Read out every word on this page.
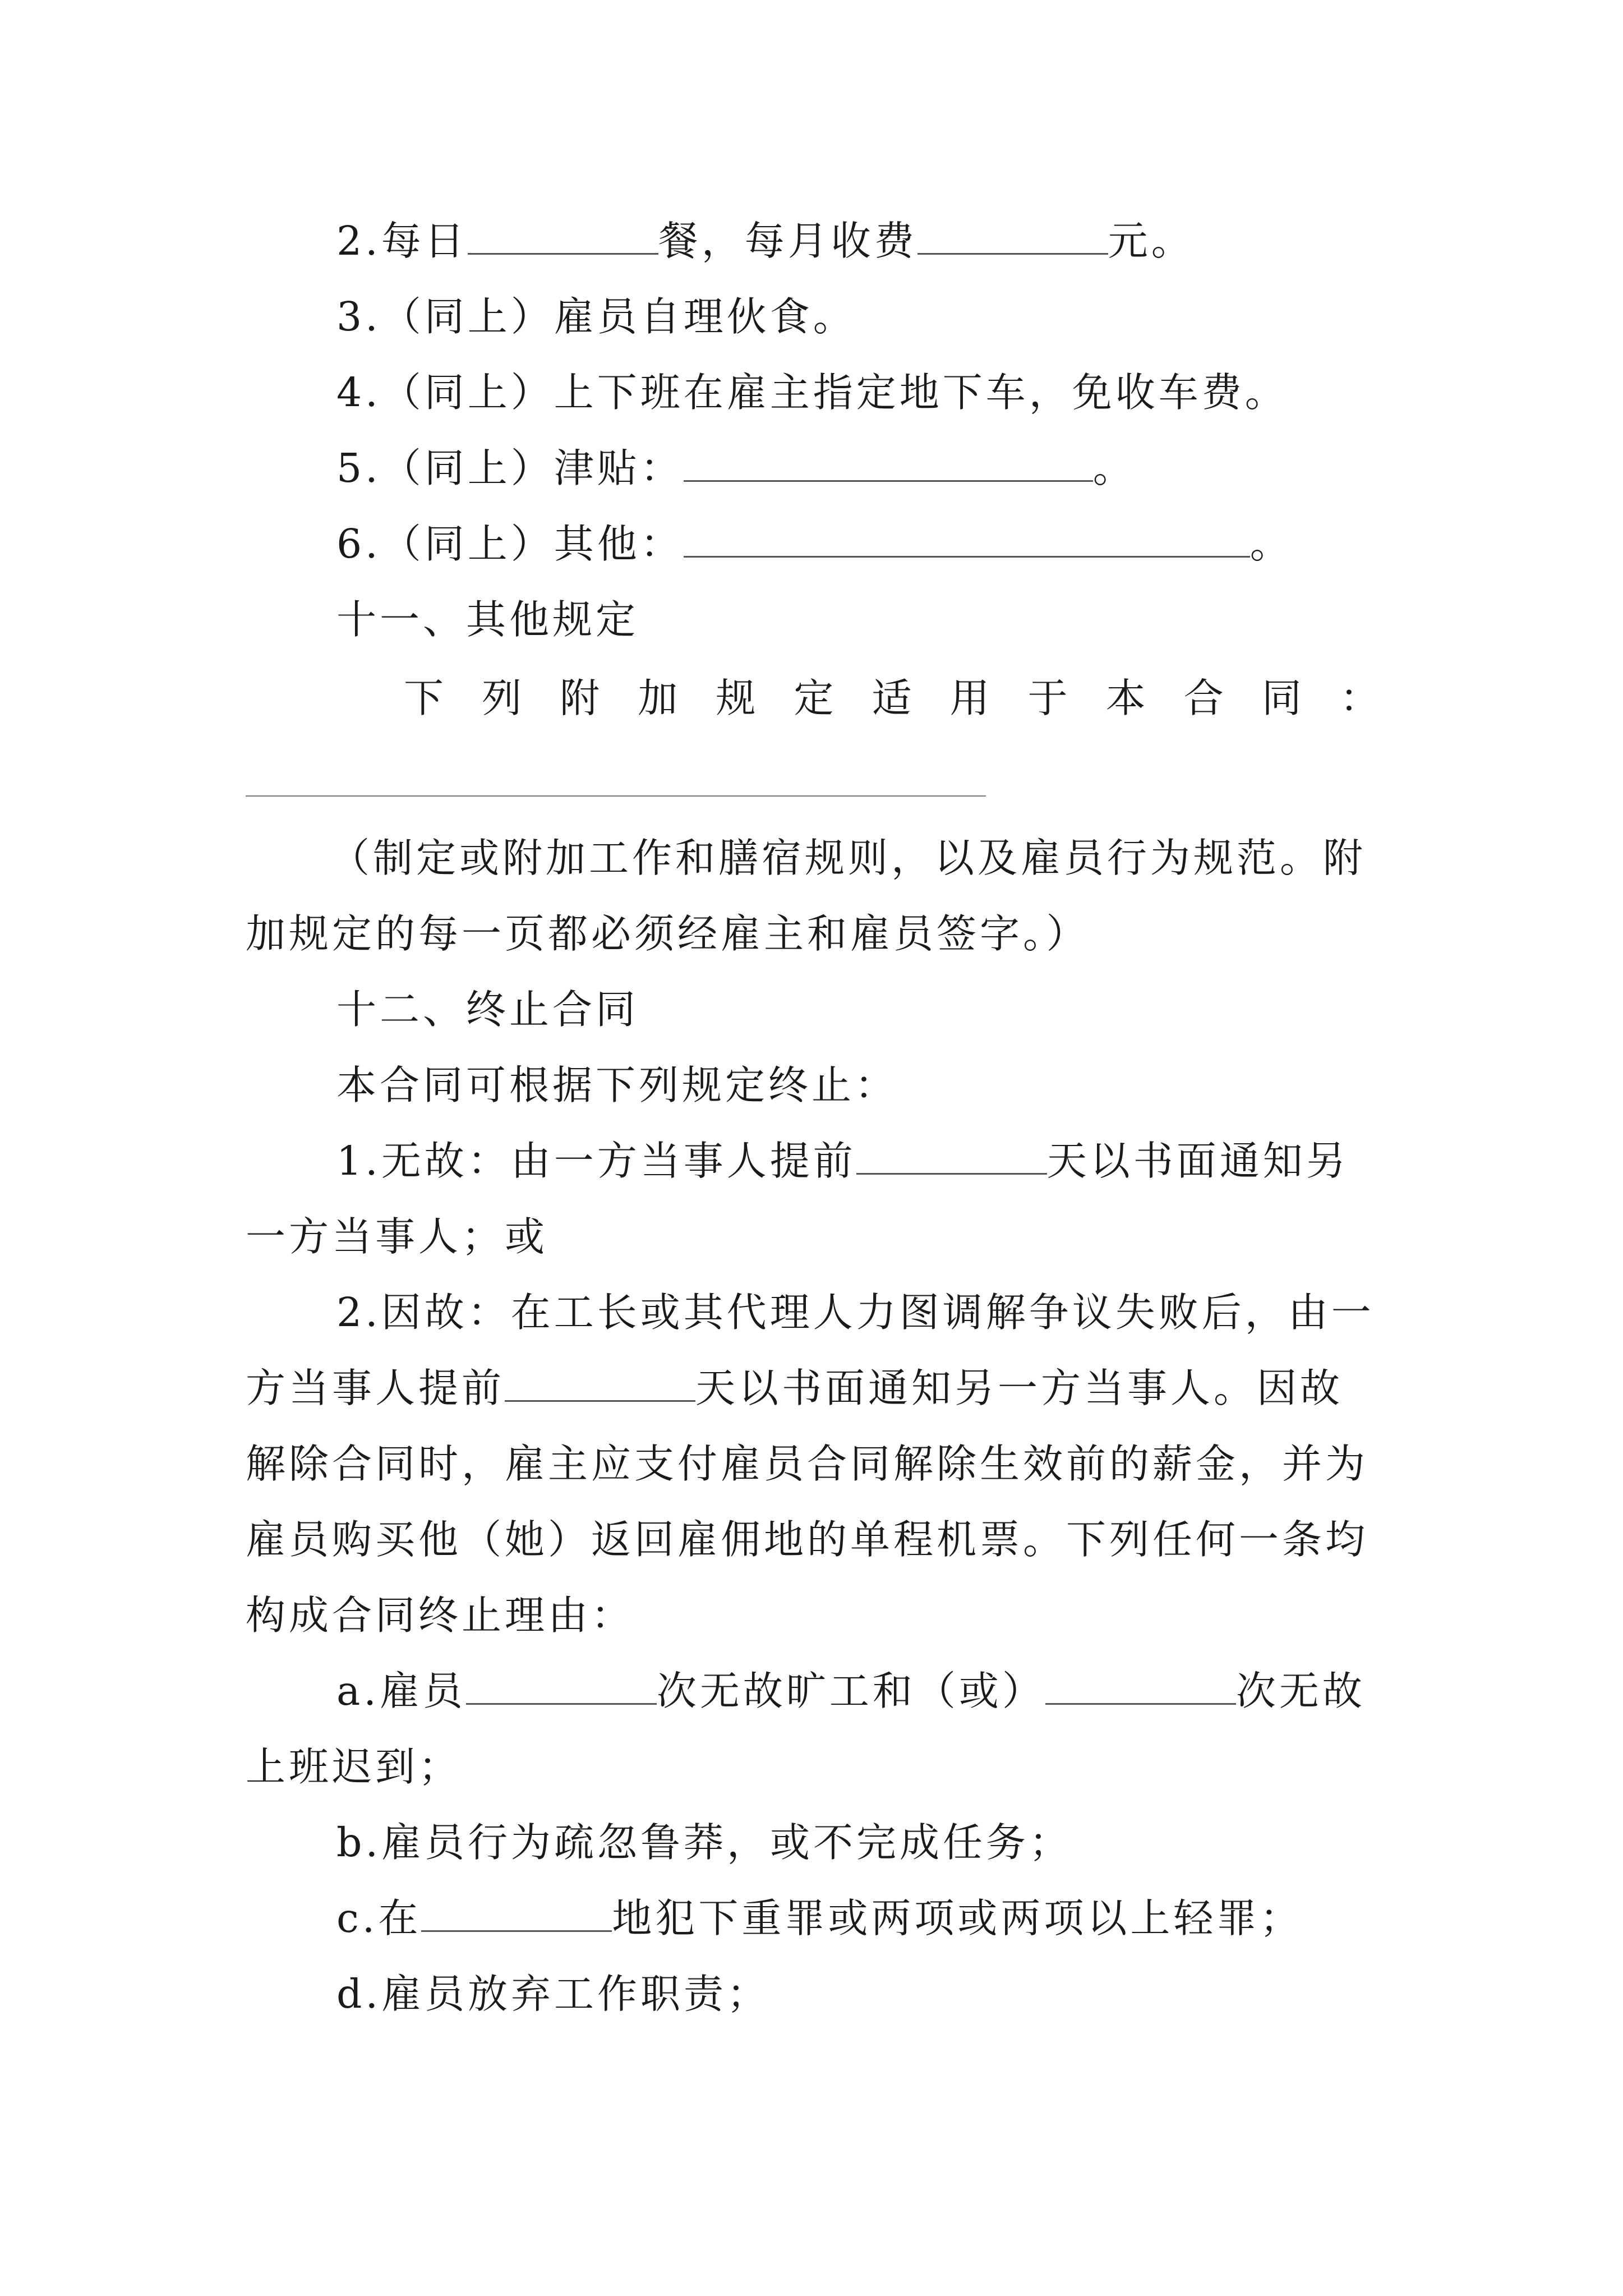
2.每日	餐，每月收费	元。
3.（同上）雇员自理伙食。
4.（同上）上下班在雇主指定地下车，免收车费。
5.（同上）津贴：	。
6.（同上）其他：	。
十一、其他规定
下 列 附 加 规 定 适 用 于 本 合 同 ：
（制定或附加工作和膳宿规则，以及雇员行为规范。附
加规定的每一页都必须经雇主和雇员签字。）
十二、终止合同
本合同可根据下列规定终止：
1.无故：由一方当事人提前	天以书面通知另
一方当事人；或
2.因故：在工长或其代理人力图调解争议失败后，由一
方当事人提前	天以书面通知另一方当事人。因故
解除合同时，雇主应支付雇员合同解除生效前的薪金，并为
雇员购买他（她）返回雇佣地的单程机票。下列任何一条均
构成合同终止理由：
a.雇员	次无故旷工和（或）	次无故
上班迟到；
b.雇员行为疏忽鲁莽，或不完成任务；
c.在	地犯下重罪或两项或两项以上轻罪；
d.雇员放弃工作职责；
